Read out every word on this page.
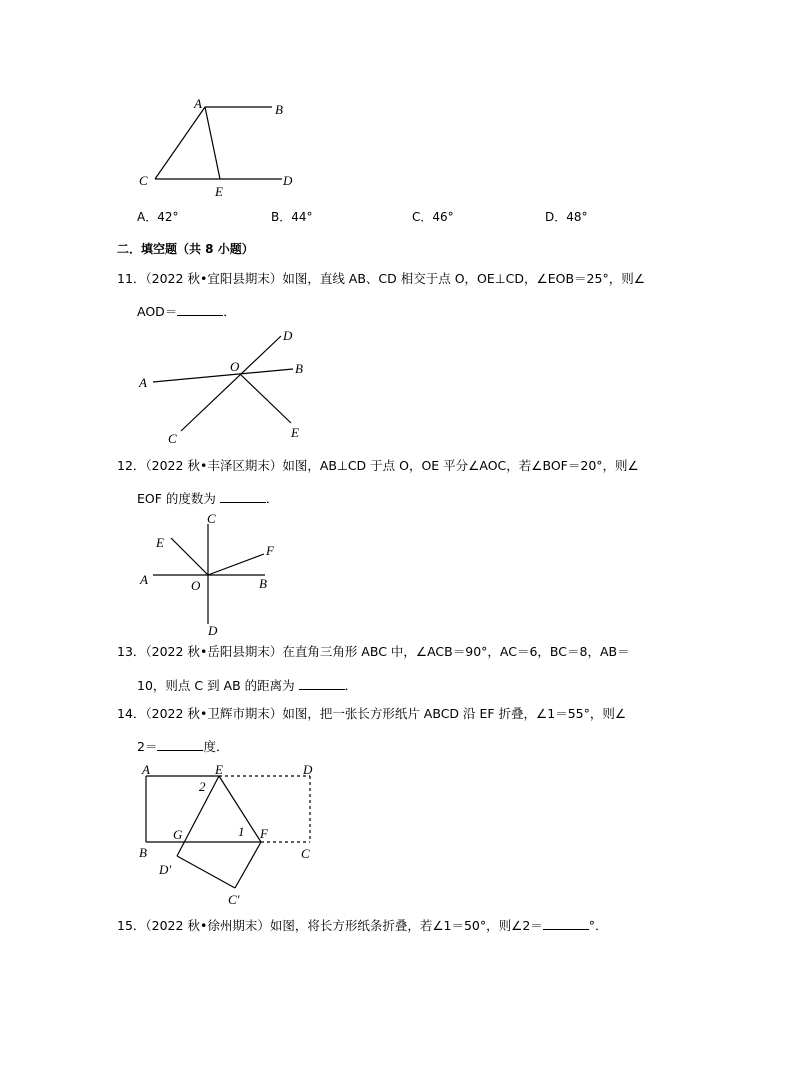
A	B
C
E
D
A．42°	B．44°	C．46°	D．48°
二．填空题（共 8 小题）
11．（2022 秋•宜阳县期末）如图，直线 AB、CD 相交于点 O，OE⊥CD，∠EOB＝25°，则∠
AOD＝	．
D
O	B
A
C	E
12．（2022 秋•丰泽区期末）如图，AB⊥CD 于点 O，OE 平分∠AOC，若∠BOF＝20°，则∠
EOF 的度数为	．
C
E
F
A	O	B
D
13．（2022 秋•岳阳县期末）在直角三角形 ABC 中，∠ACB＝90°，AC＝6，BC＝8，AB＝
10，则点 C 到 AB 的距离为	．
14．（2022 秋•卫辉市期末）如图，把一张长方形纸片 ABCD 沿 EF 折叠，∠1＝55°，则∠
2＝	度．
A	E	D
2
G	1 F
B	C
D′
C′
15．（2022 秋•徐州期末）如图，将长方形纸条折叠，若∠1＝50°，则∠2＝	°．
